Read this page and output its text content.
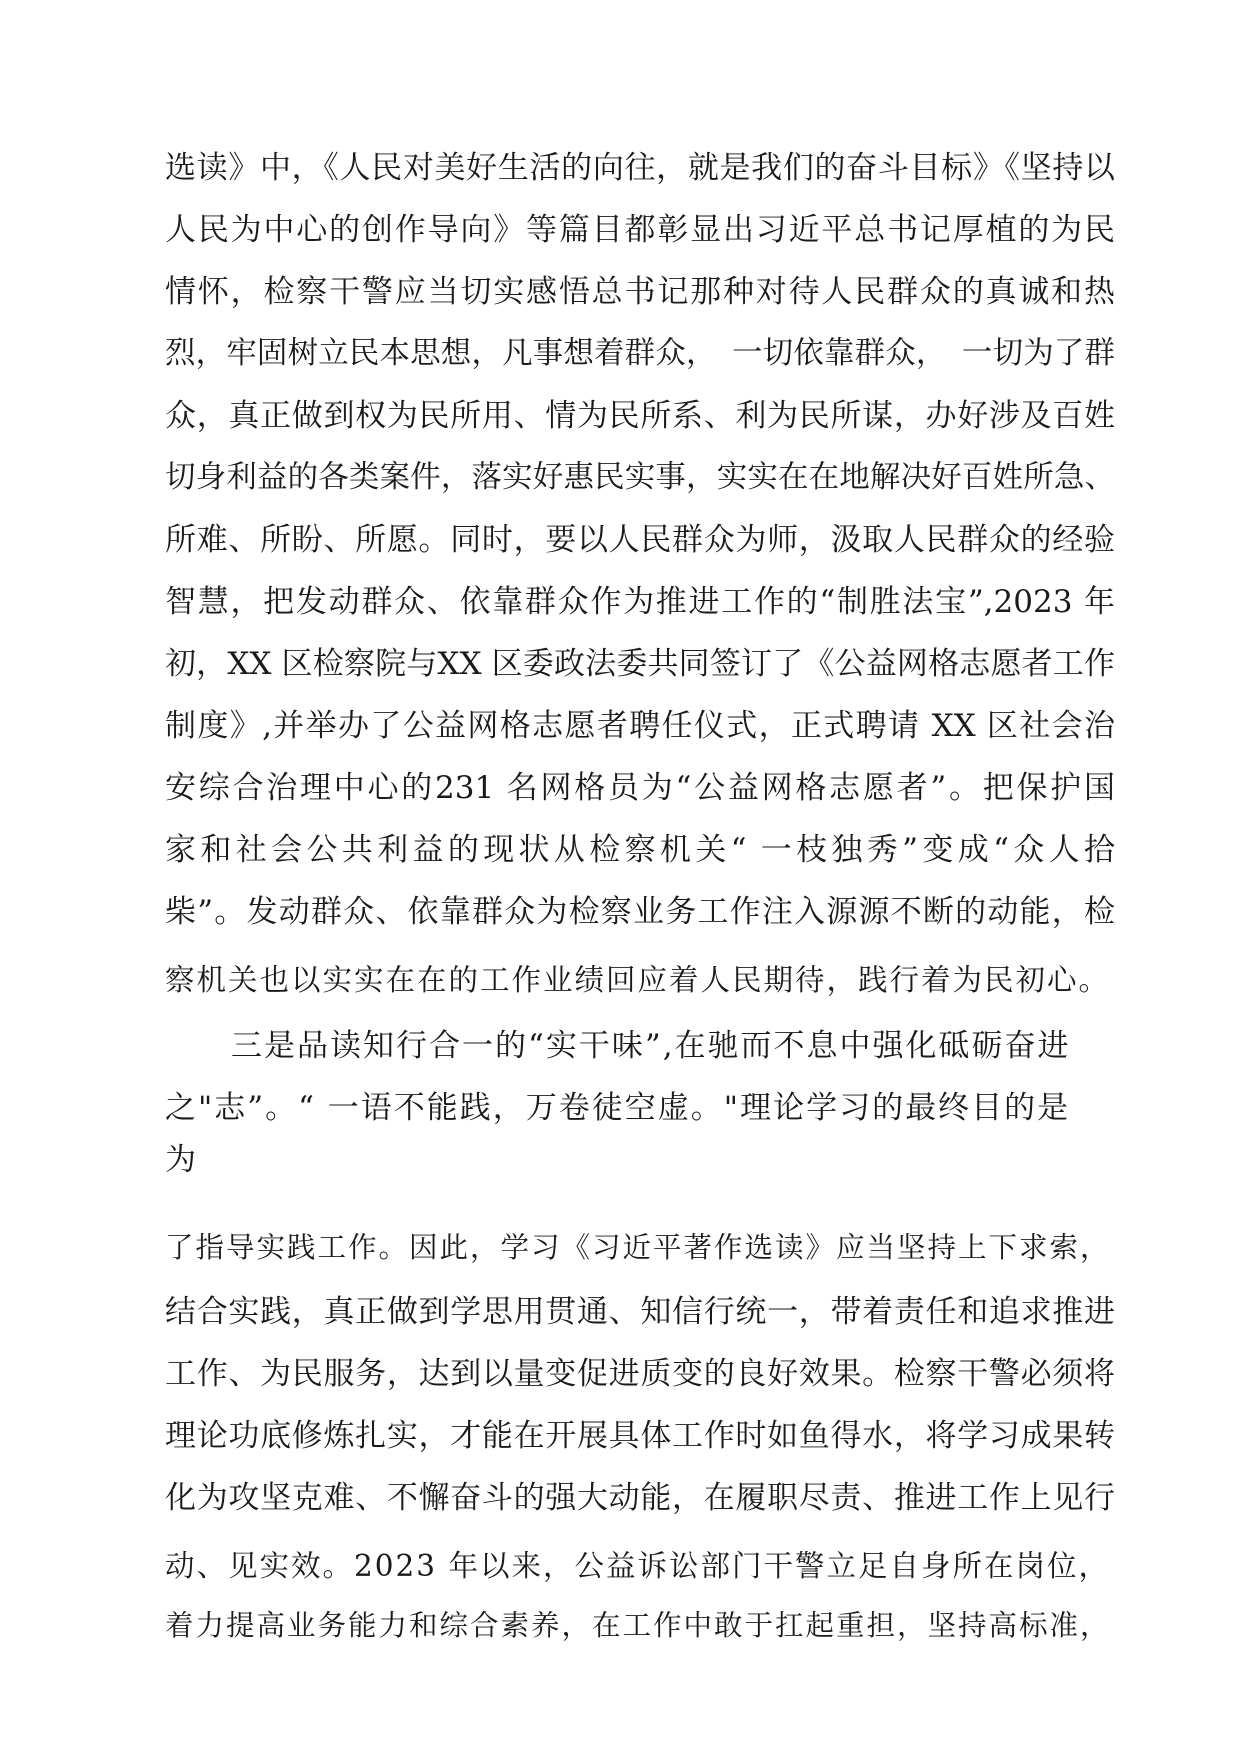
选读》中，《人民对美好生活的向往，就是我们的奋斗目标》《坚持以

人民为中心的创作导向》等篇目都彰显出习近平总书记厚植的为民

情怀，检察干警应当切实感悟总书记那种对待人民群众的真诚和热

烈，牢固树立民本思想，凡事想着群众，　一切依靠群众，　一切为了群

众，真正做到权为民所用、情为民所系、利为民所谋，办好涉及百姓

切身利益的各类案件，落实好惠民实事，实实在在地解决好百姓所急、

所难、所盼、所愿。同时，要以人民群众为师，汲取人民群众的经验

智慧，把发动群众、依靠群众作为推进工作的“制胜法宝”,2023 年

初，XX 区检察院与XX 区委政法委共同签订了《公益网格志愿者工作

制度》,并举办了公益网格志愿者聘任仪式，正式聘请 XX 区社会治

安综合治理中心的231 名网格员为“公益网格志愿者”。把保护国

家和社会公共利益的现状从检察机关“ 一枝独秀”变成“众人拾

柴”。发动群众、依靠群众为检察业务工作注入源源不断的动能，检

察机关也以实实在在的工作业绩回应着人民期待，践行着为民初心。

　　三是品读知行合一的“实干味”,在驰而不息中强化砥砺奋进

之"志”。“ 一语不能践，万卷徒空虚。"理论学习的最终目的是

为

了指导实践工作。因此，学习《习近平著作选读》应当坚持上下求索，

结合实践，真正做到学思用贯通、知信行统一，带着责任和追求推进

工作、为民服务，达到以量变促进质变的良好效果。检察干警必须将

理论功底修炼扎实，才能在开展具体工作时如鱼得水，将学习成果转

化为攻坚克难、不懈奋斗的强大动能，在履职尽责、推进工作上见行

动、见实效。2023 年以来，公益诉讼部门干警立足自身所在岗位，

着力提高业务能力和综合素养，在工作中敢于扛起重担，坚持高标准，
